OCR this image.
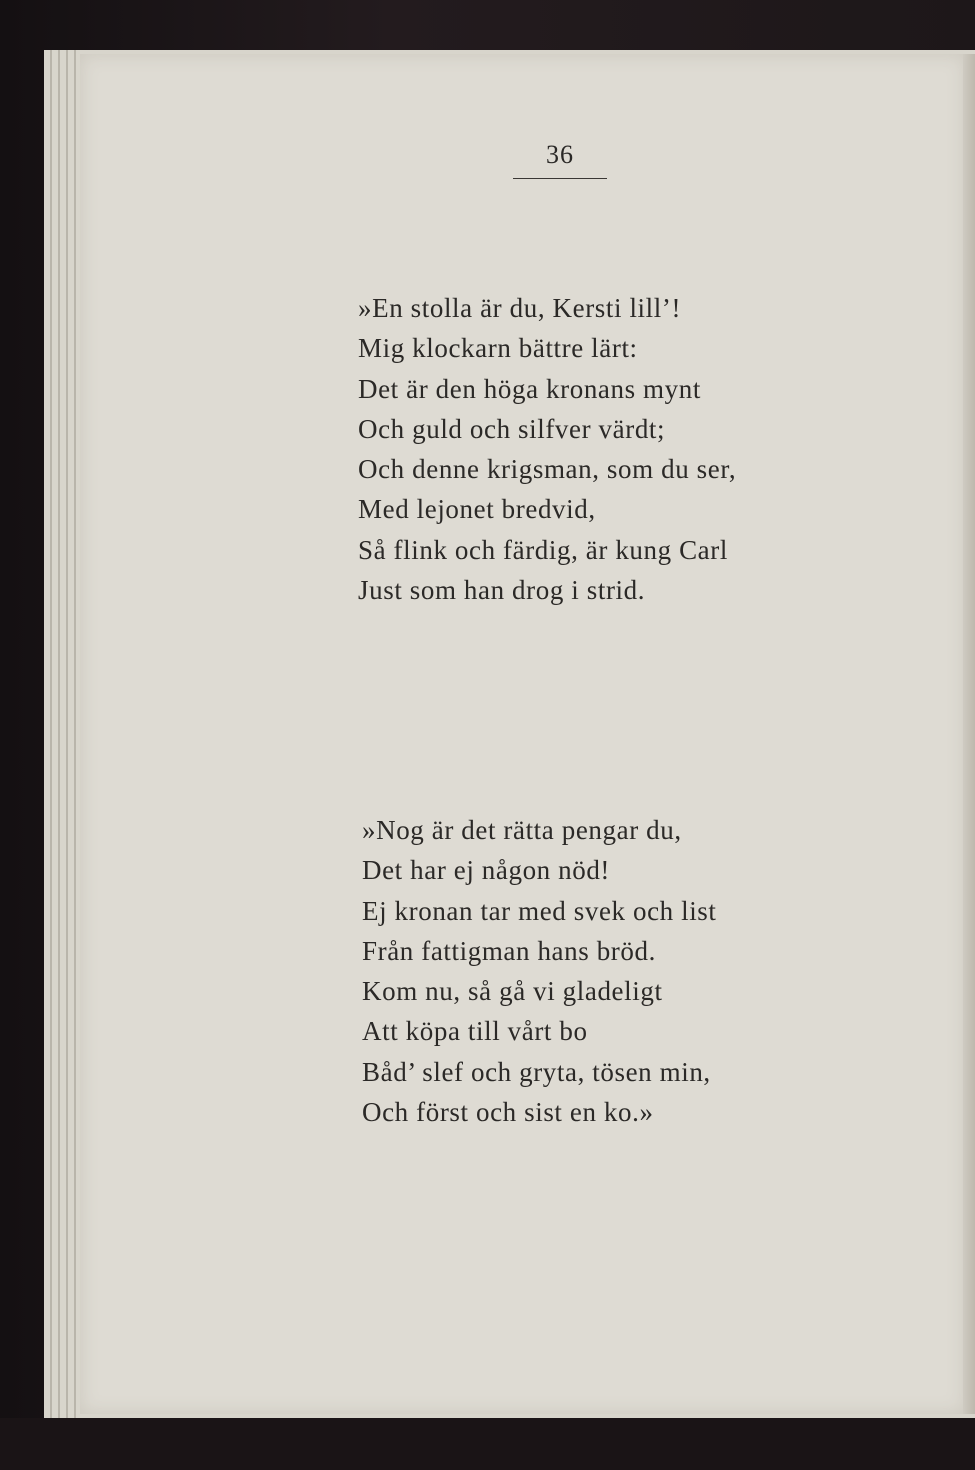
36
»En stolla är du, Kersti lill’!
Mig klockarn bättre lärt:
Det är den höga kronans mynt
Och guld och silfver värdt;
Och denne krigsman, som du ser,
Med lejonet bredvid,
Så flink och färdig, är kung Carl
Just som han drog i strid.
»Nog är det rätta pengar du,
Det har ej någon nöd!
Ej kronan tar med svek och list
Från fattigman hans bröd.
Kom nu, så gå vi gladeligt
Att köpa till vårt bo
Båd’ slef och gryta, tösen min,
Och först och sist en ko.»
